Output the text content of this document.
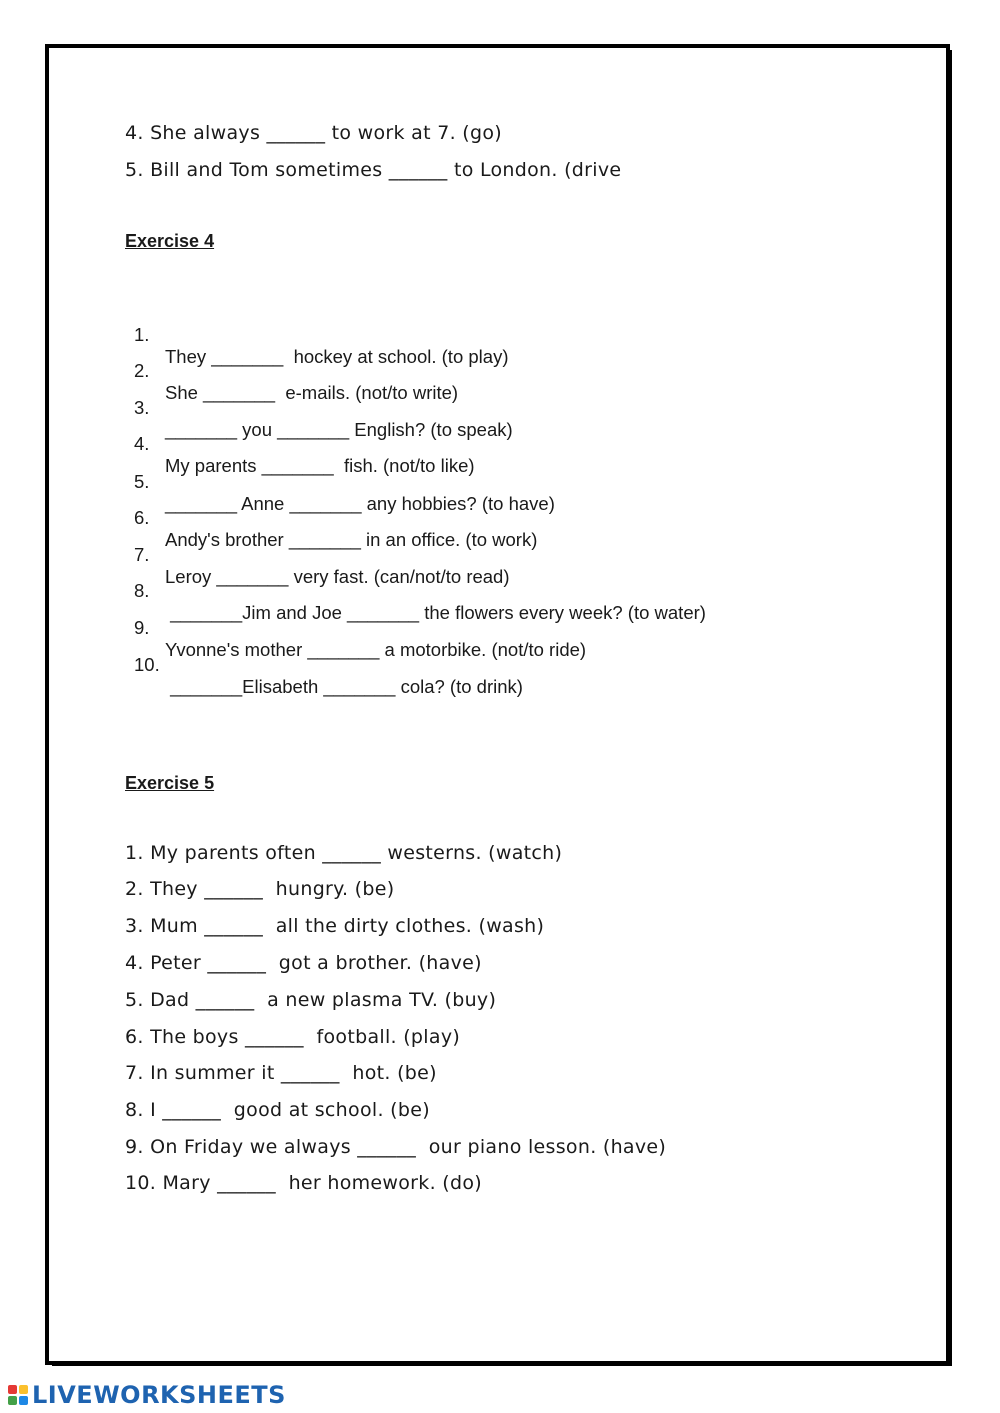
4. She always ______ to work at 7. (go)
5. Bill and Tom sometimes ______ to London. (drive
Exercise 4

1.

They _______  hockey at school. (to play)

2.

She _______  e-mails. (not/to write)

3.

_______ you _______ English? (to speak)

4.

My parents _______  fish. (not/to like)

5.

_______ Anne _______ any hobbies? (to have)

6.

Andy's brother _______ in an office. (to work)

7.

Leroy _______ very fast. (can/not/to read)

8.

_______Jim and Joe _______ the flowers every week? (to water)

9.

Yvonne's mother _______ a motorbike. (not/to ride)

10.

_______Elisabeth _______ cola? (to drink)

Exercise 5
1. My parents often ______ westerns. (watch)
2. They ______  hungry. (be)
3. Mum ______  all the dirty clothes. (wash)
4. Peter ______  got a brother. (have)
5. Dad ______  a new plasma TV. (buy)
6. The boys ______  football. (play)
7. In summer it ______  hot. (be)
8. I ______  good at school. (be)
9. On Friday we always ______  our piano lesson. (have)
10. Mary ______  her homework. (do)
LIVEWORKSHEETS
